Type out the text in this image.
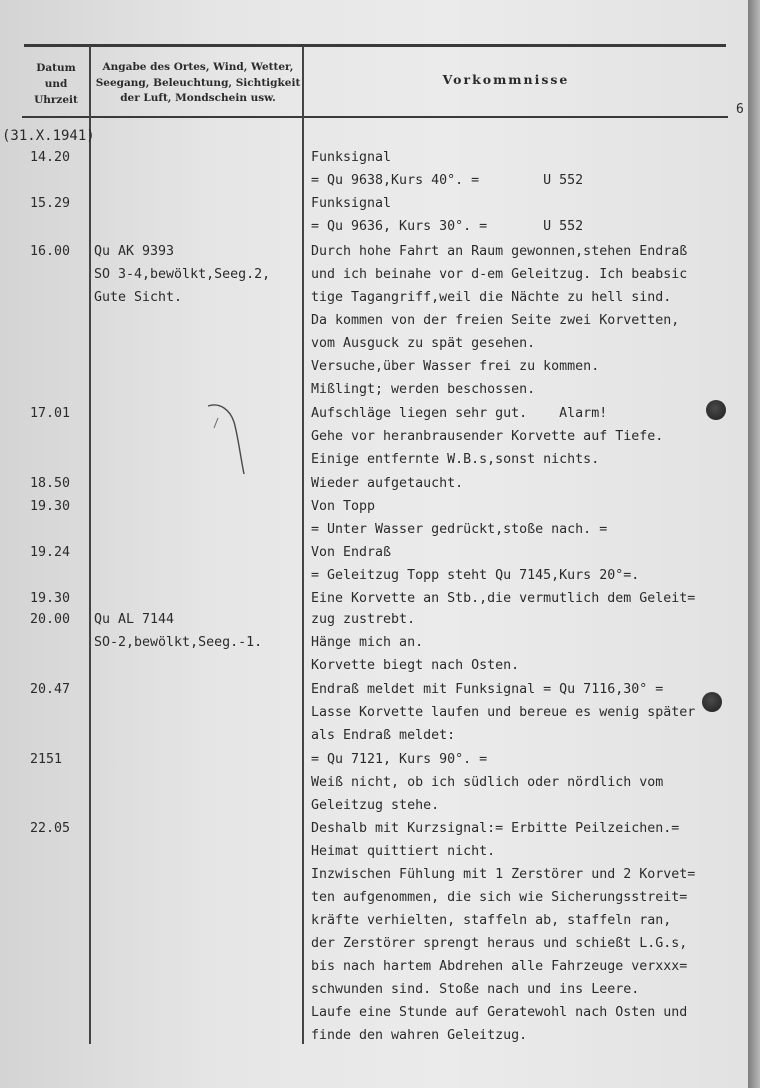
Datum
und
Uhrzeit
Angabe des Ortes, Wind, Wetter,
Seegang, Beleuchtung, Sichtigkeit
der Luft, Mondschein usw.
Vorkommnisse
6
(31.X.1941)
14.20
15.29
16.00
17.01
18.50
19.30
19.24
19.30
20.00
20.47
2151
22.05
Qu AK 9393
SO 3-4,bewölkt,Seeg.2,
Gute Sicht.
Qu AL 7144
SO-2,bewölkt,Seeg.-1.
Funksignal
= Qu 9638,Kurs 40°. =        U 552
Funksignal
= Qu 9636, Kurs 30°. =       U 552
Durch hohe Fahrt an Raum gewonnen,stehen Endraß
und ich beinahe vor d-em Geleitzug. Ich beabsic
tige Tagangriff,weil die Nächte zu hell sind.
Da kommen von der freien Seite zwei Korvetten,
vom Ausguck zu spät gesehen.
Versuche,über Wasser frei zu kommen.
Mißlingt; werden beschossen.
Aufschläge liegen sehr gut.    Alarm!
Gehe vor heranbrausender Korvette auf Tiefe.
Einige entfernte W.B.s,sonst nichts.
Wieder aufgetaucht.
Von Topp
= Unter Wasser gedrückt,stoße nach. =
Von Endraß
= Geleitzug Topp steht Qu 7145,Kurs 20°=.
Eine Korvette an Stb.,die vermutlich dem Geleit=
zug zustrebt.
Hänge mich an.
Korvette biegt nach Osten.
Endraß meldet mit Funksignal = Qu 7116,30° =
Lasse Korvette laufen und bereue es wenig später
als Endraß meldet:
= Qu 7121, Kurs 90°. =
Weiß nicht, ob ich südlich oder nördlich vom
Geleitzug stehe.
Deshalb mit Kurzsignal:= Erbitte Peilzeichen.=
Heimat quittiert nicht.
Inzwischen Fühlung mit 1 Zerstörer und 2 Korvet=
ten aufgenommen, die sich wie Sicherungsstreit=
kräfte verhielten, staffeln ab, staffeln ran,
der Zerstörer sprengt heraus und schießt L.G.s,
bis nach hartem Abdrehen alle Fahrzeuge verxxx=
schwunden sind. Stoße nach und ins Leere.
Laufe eine Stunde auf Geratewohl nach Osten und
finde den wahren Geleitzug.
